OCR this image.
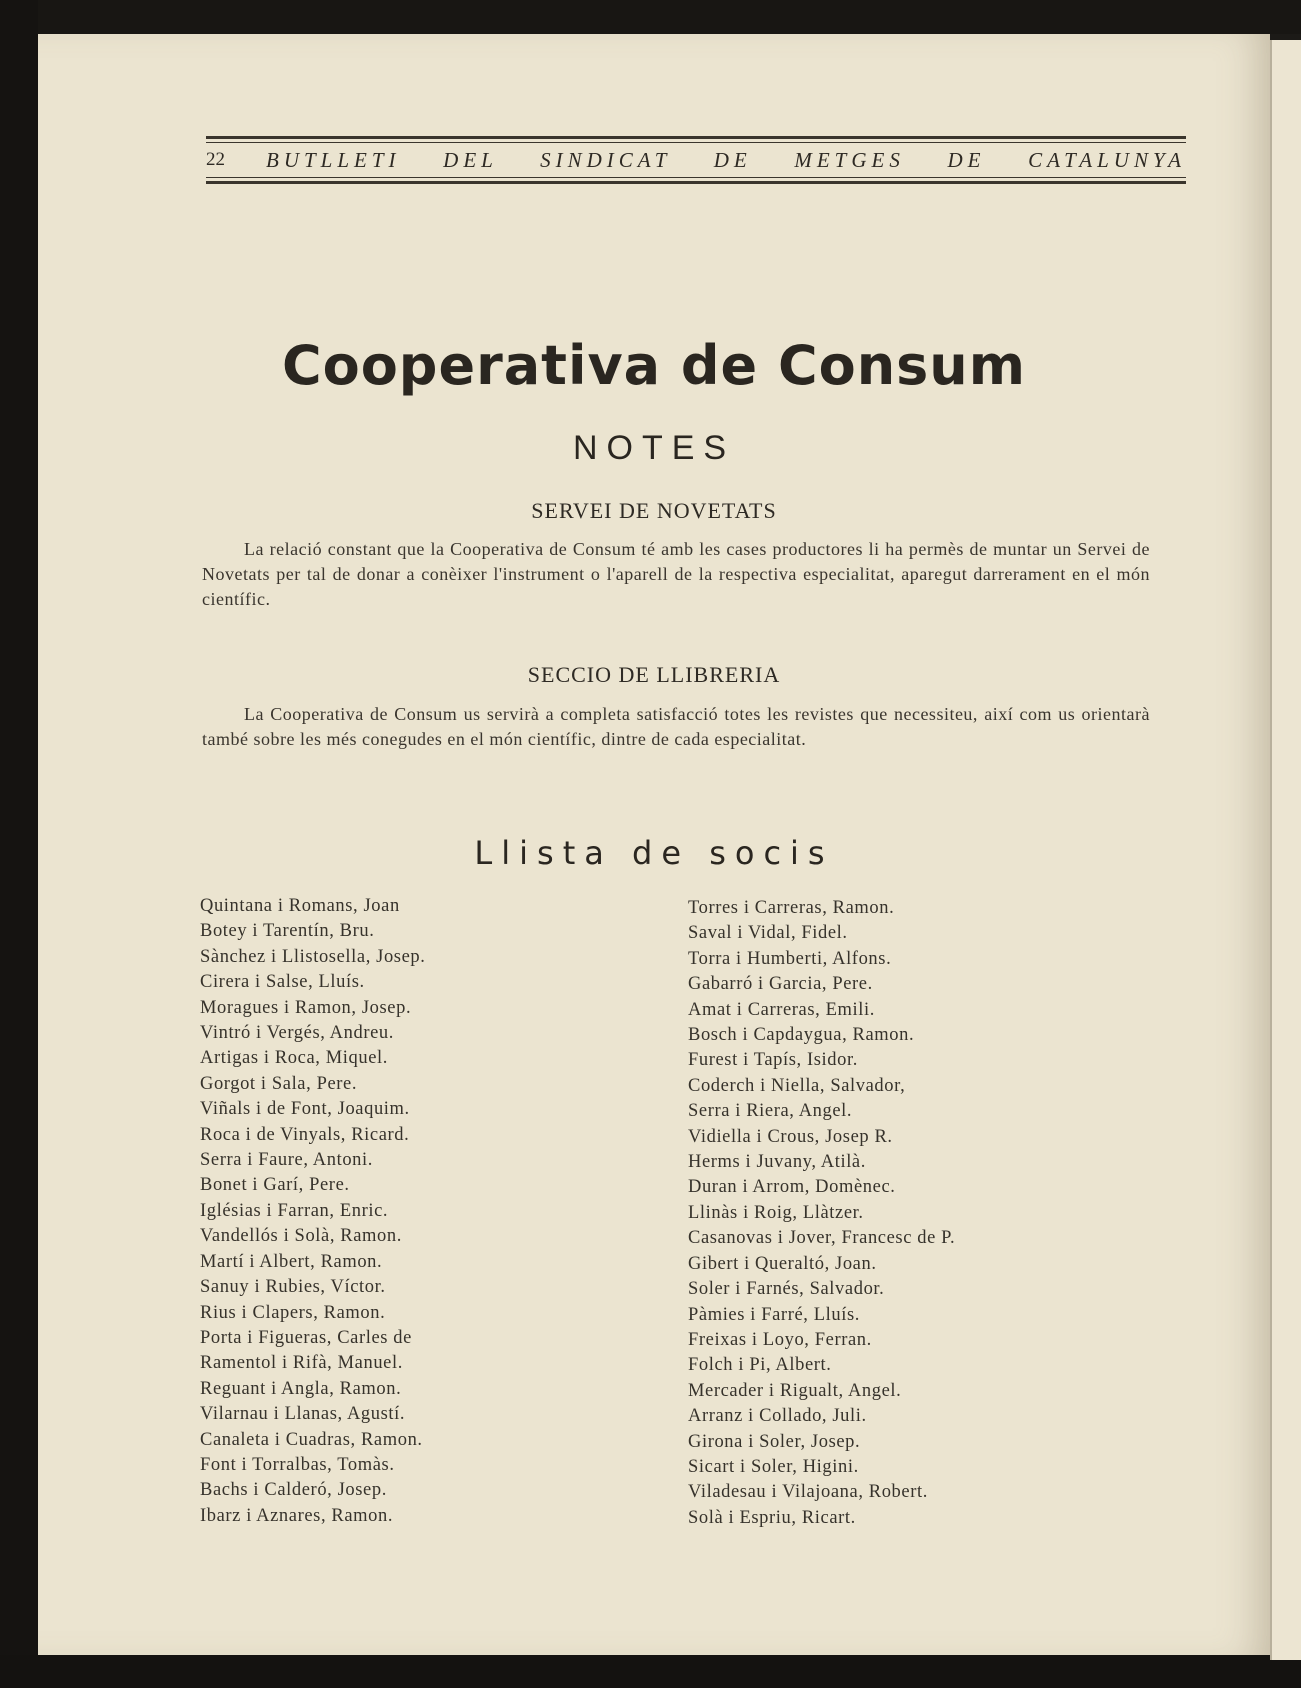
22	BUTLLETI DEL SINDICAT DE METGES DE CATALUNYA
Cooperativa de Consum
NOTES
SERVEI DE NOVETATS

La relació constant que la Cooperativa de Consum té amb les cases productores li ha permès de muntar un Servei de Novetats per tal de donar a conèixer l'instrument o l'aparell de la respectiva especialitat, aparegut darrerament en el món científic.

SECCIO DE LLIBRERIA

La Cooperativa de Consum us servirà a completa satisfacció totes les revistes que necessiteu, així com us orientarà també sobre les més conegudes en el món científic, dintre de cada especialitat.

Llista de socis
Quintana i Romans, Joan
Botey i Tarentín, Bru.
Sànchez i Llistosella, Josep.
Cirera i Salse, Lluís.
Moragues i Ramon, Josep.
Vintró i Vergés, Andreu.
Artigas i Roca, Miquel.
Gorgot i Sala, Pere.
Viñals i de Font, Joaquim.
Roca i de Vinyals, Ricard.
Serra i Faure, Antoni.
Bonet i Garí, Pere.
Iglésias i Farran, Enric.
Vandellós i Solà, Ramon.
Martí i Albert, Ramon.
Sanuy i Rubies, Víctor.
Rius i Clapers, Ramon.
Porta i Figueras, Carles de
Ramentol i Rifà, Manuel.
Reguant i Angla, Ramon.
Vilarnau i Llanas, Agustí.
Canaleta i Cuadras, Ramon.
Font i Torralbas, Tomàs.
Bachs i Calderó, Josep.
Ibarz i Aznares, Ramon.
Torres i Carreras, Ramon.
Saval i Vidal, Fidel.
Torra i Humberti, Alfons.
Gabarró i Garcia, Pere.
Amat i Carreras, Emili.
Bosch i Capdaygua, Ramon.
Furest i Tapís, Isidor.
Coderch i Niella, Salvador,
Serra i Riera, Angel.
Vidiella i Crous, Josep R.
Herms i Juvany, Atilà.
Duran i Arrom, Domènec.
Llinàs i Roig, Llàtzer.
Casanovas i Jover, Francesc de P.
Gibert i Queraltó, Joan.
Soler i Farnés, Salvador.
Pàmies i Farré, Lluís.
Freixas i Loyo, Ferran.
Folch i Pi, Albert.
Mercader i Rigualt, Angel.
Arranz i Collado, Juli.
Girona i Soler, Josep.
Sicart i Soler, Higini.
Viladesau i Vilajoana, Robert.
Solà i Espriu, Ricart.
